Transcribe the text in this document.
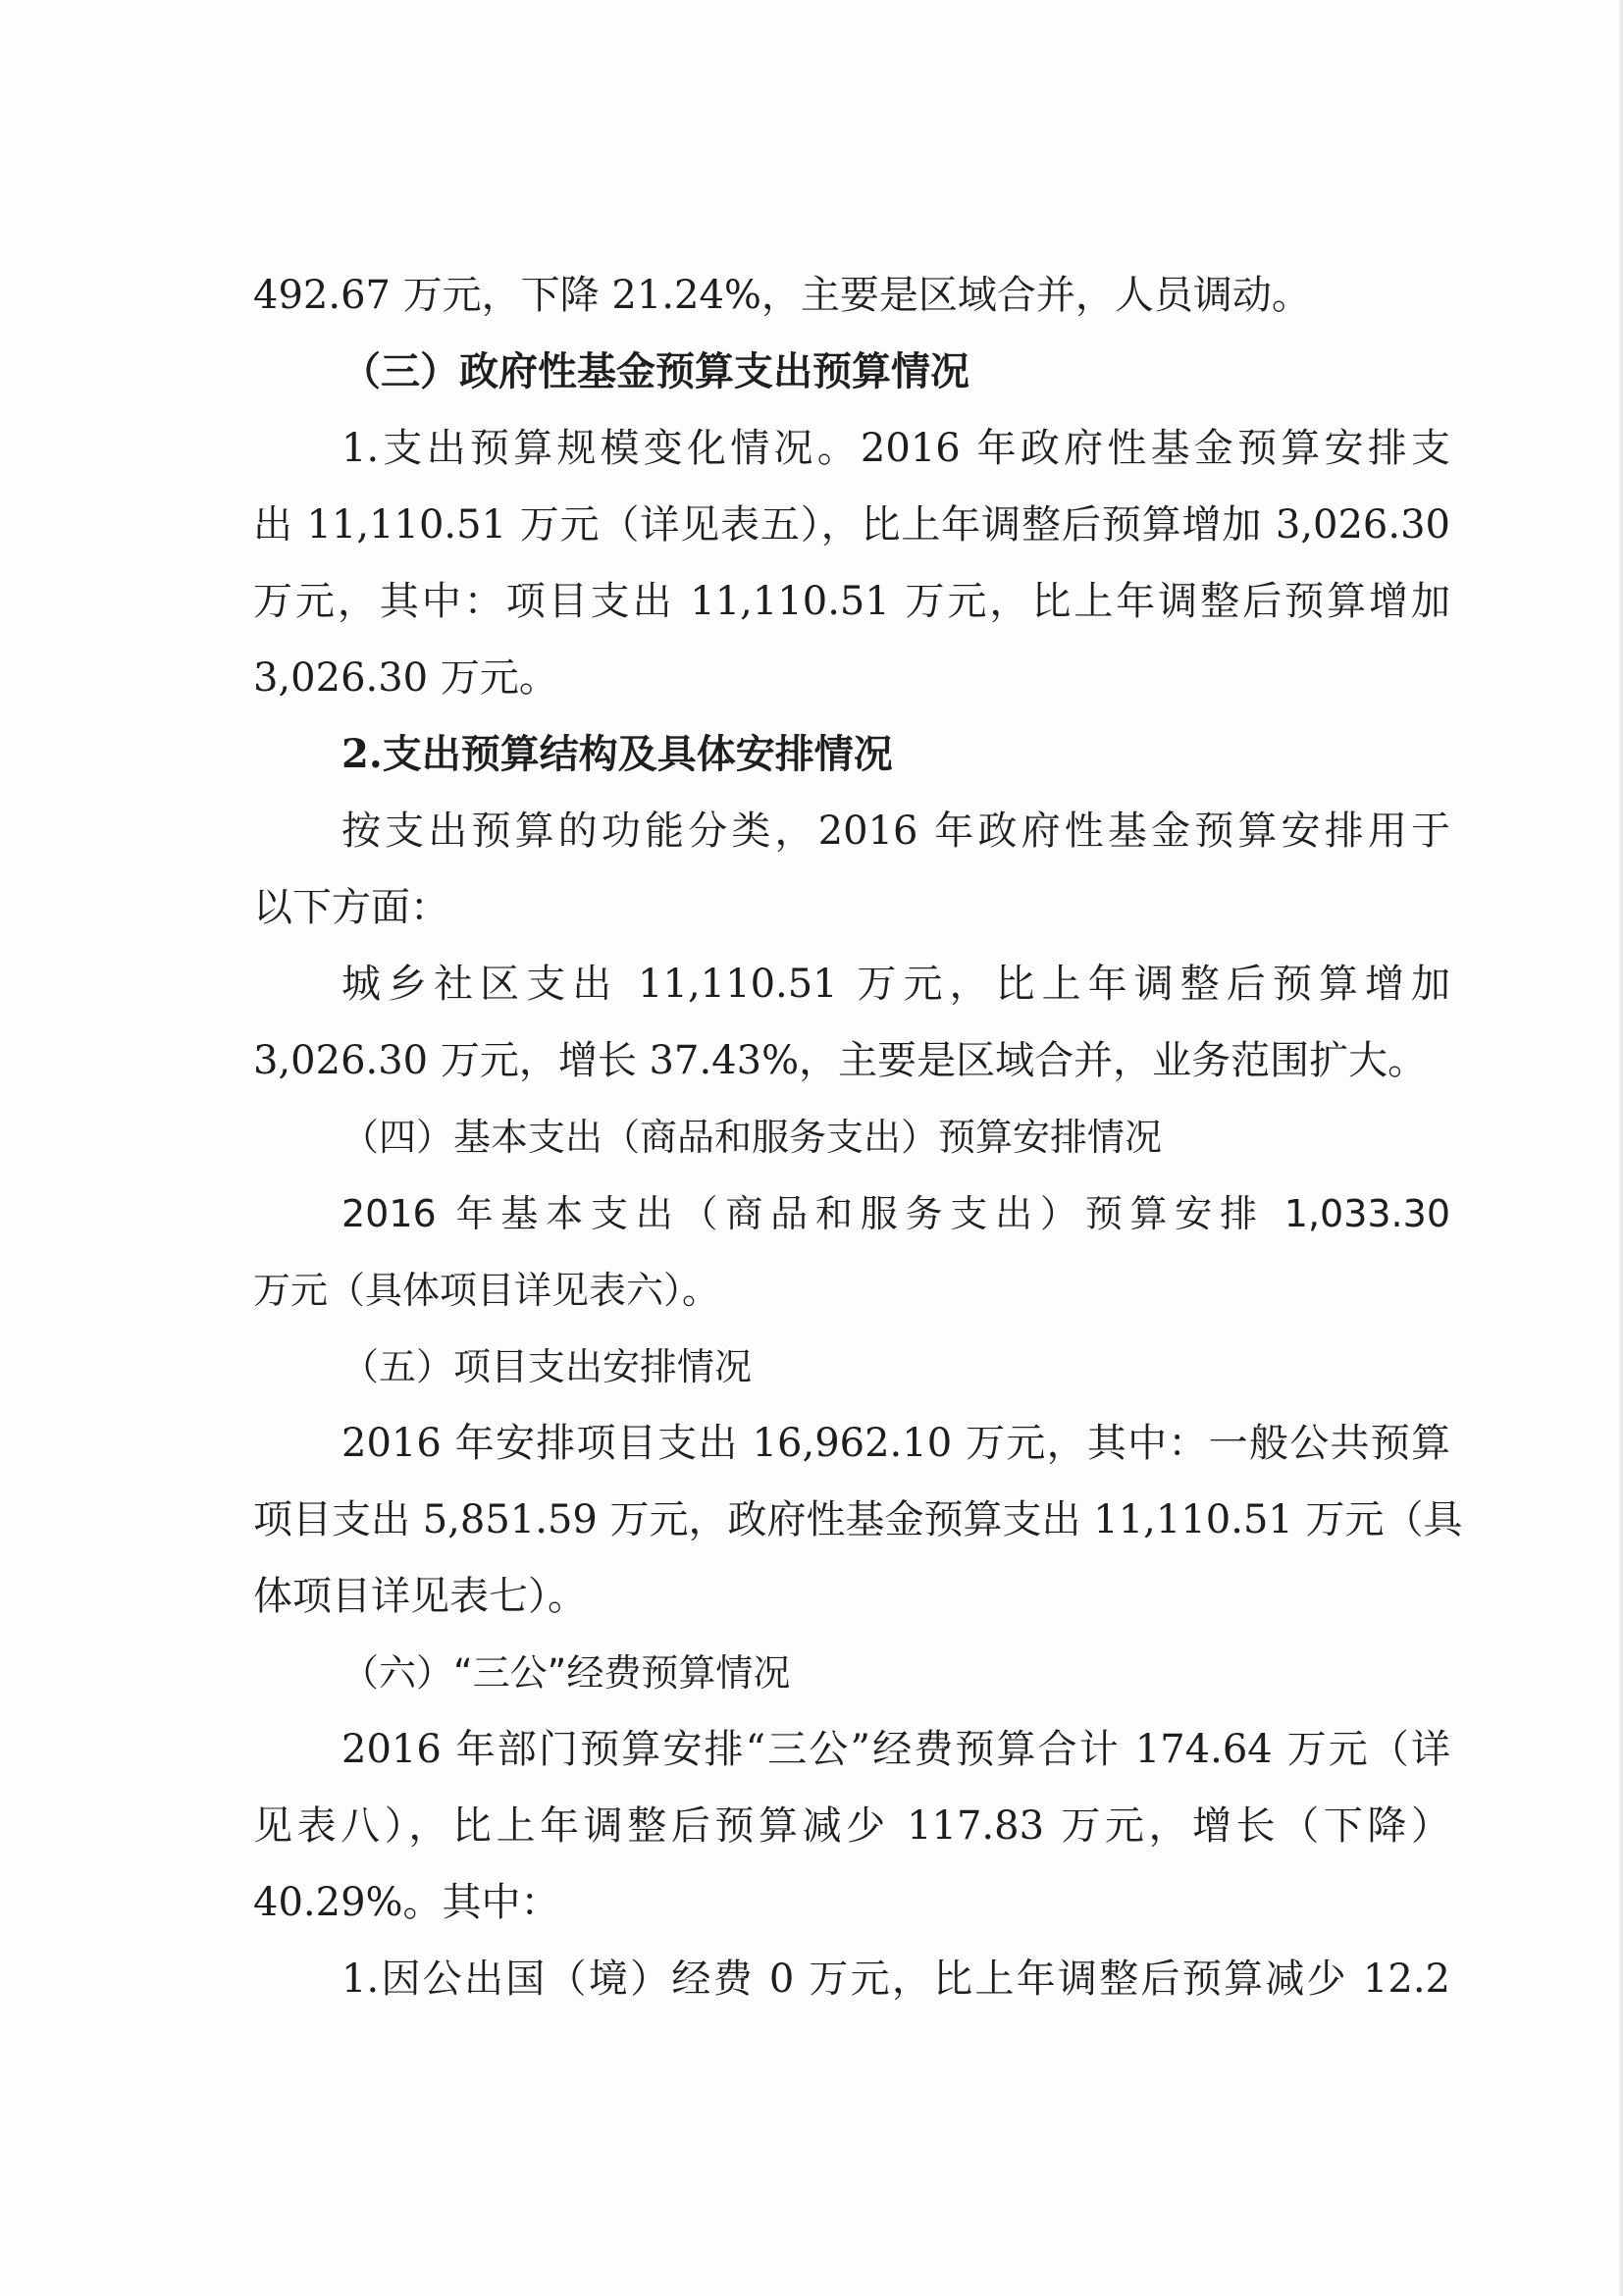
492.67 万元，下降 21.24%，主要是区域合并，人员调动。
（三）政府性基金预算支出预算情况
1.支出预算规模变化情况。2016 年政府性基金预算安排支
出 11,110.51 万元（详见表五），比上年调整后预算增加 3,026.30
万元，其中：项目支出 11,110.51 万元，比上年调整后预算增加
3,026.30 万元。
2.支出预算结构及具体安排情况
按支出预算的功能分类，2016 年政府性基金预算安排用于
以下方面：
城乡社区支出 11,110.51 万元，比上年调整后预算增加
3,026.30 万元，增长 37.43%，主要是区域合并，业务范围扩大。
（四）基本支出（商品和服务支出）预算安排情况
2016 年基本支出（商品和服务支出）预算安排 1,033.30
万元（具体项目详见表六）。
（五）项目支出安排情况
2016 年安排项目支出 16,962.10 万元，其中：一般公共预算
项目支出 5,851.59 万元，政府性基金预算支出 11,110.51 万元（具
体项目详见表七）。
（六）“三公”经费预算情况
2016 年部门预算安排“三公”经费预算合计 174.64 万元（详
见表八），比上年调整后预算减少 117.83 万元，增长（下降）
40.29%。其中：
1.因公出国（境）经费 0 万元，比上年调整后预算减少 12.2
